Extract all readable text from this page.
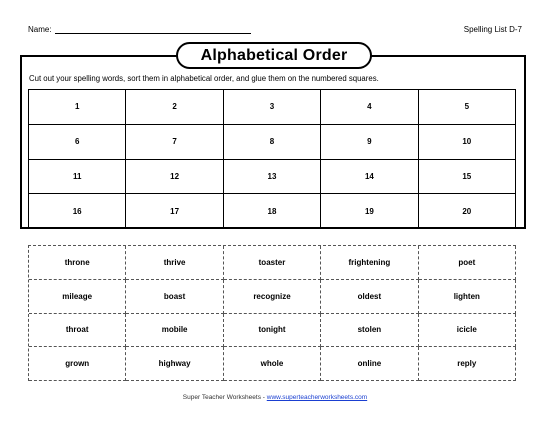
Name:	Spelling List D-7
Alphabetical Order
Cut out your spelling words, sort them in alphabetical order, and glue them on the numbered squares.
1	2	3	4	5
6	7	8	9	10
11	12	13	14	15
16	17	18	19	20
throne	thrive	toaster	frightening	poet
mileage	boast	recognize	oldest	lighten
throat	mobile	tonight	stolen	icicle
grown	highway	whole	online	reply
Super Teacher Worksheets - www.superteacherworksheets.com
